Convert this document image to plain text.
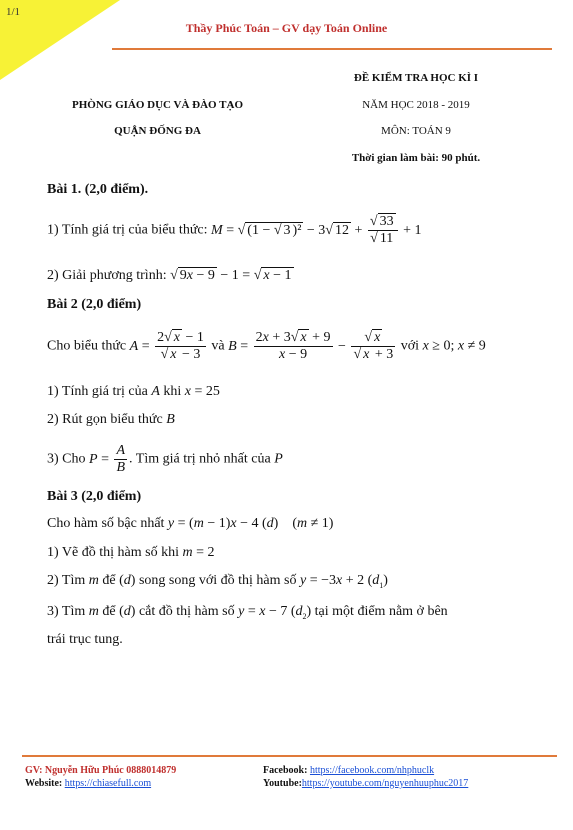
1/1
Thầy Phúc Toán – GV dạy Toán Online
PHÒNG GIÁO DỤC VÀ ĐÀO TẠO
QUẬN ĐỐNG ĐA
ĐỀ KIỂM TRA HỌC KÌ I
NĂM HỌC 2018 - 2019
MÔN: TOÁN 9
Thời gian làm bài: 90 phút.
Bài 1. (2,0 điểm).
1) Tính giá trị của biểu thức: M = √ (1 − √ 3 )² − 3√ $12 + \frac{√ 33}{√ 11} + 1$
2) Giải phương trình: √ 9x − 9 − 1 = √ x − 1
Bài 2 (2,0 điểm)
Cho biểu thức $A = \frac{2√ x - 1}{√ x - 3}$ và $B = \frac{2x + 3√ x + 9}{x - 9} - \frac{√ x}{√ x + 3}$ với x ≥ 0; x ≠ 9
1) Tính giá trị của A khi x = 25
2) Rút gọn biểu thức B
3) Cho $P = \frac{A}{B}$ . Tìm giá trị nhỏ nhất của P
Bài 3 (2,0 điểm)
Cho hàm số bậc nhất y = (m − 1)x − 4 (d)    (m ≠ 1)
1) Vẽ đồ thị hàm số khi m = 2
2) Tìm m để (d) song song với đồ thị hàm số y = −3x + 2 $(d_1)$
3) Tìm m để (d) cắt đồ thị hàm số y = x − 7 $(d_2)$ tại một điểm nằm ở bên
trái trục tung.
GV: Nguyễn Hữu Phúc 0888014879
Website: https://chiasefull.com
Facebook: https://facebook.com/nhphuclk
Youtube:https://youtube.com/nguyenhuuphuc2017
